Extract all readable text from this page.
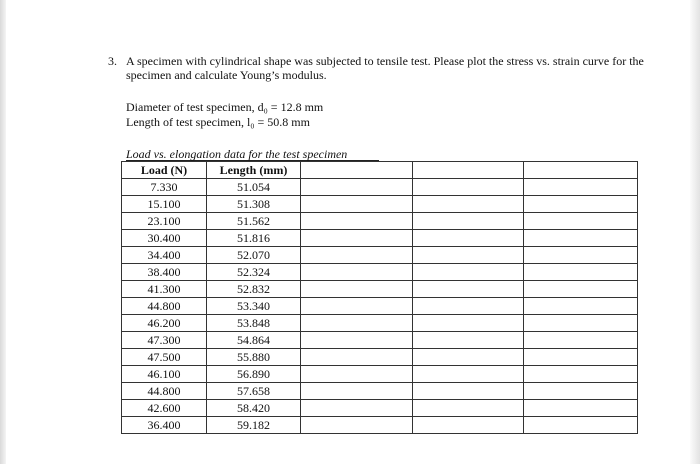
3. A specimen with cylindrical shape was subjected to tensile test. Please plot the stress vs. strain curve for the specimen and calculate Young’s modulus.
Diameter of test specimen, d₀ = 12.8 mm
Length of test specimen, l₀ = 50.8 mm
Load vs. elongation data for the test specimen
Load (N)	Length (mm)			
7.330	51.054			
15.100	51.308			
23.100	51.562			
30.400	51.816			
34.400	52.070			
38.400	52.324			
41.300	52.832			
44.800	53.340			
46.200	53.848			
47.300	54.864			
47.500	55.880			
46.100	56.890			
44.800	57.658			
42.600	58.420			
36.400	59.182			
